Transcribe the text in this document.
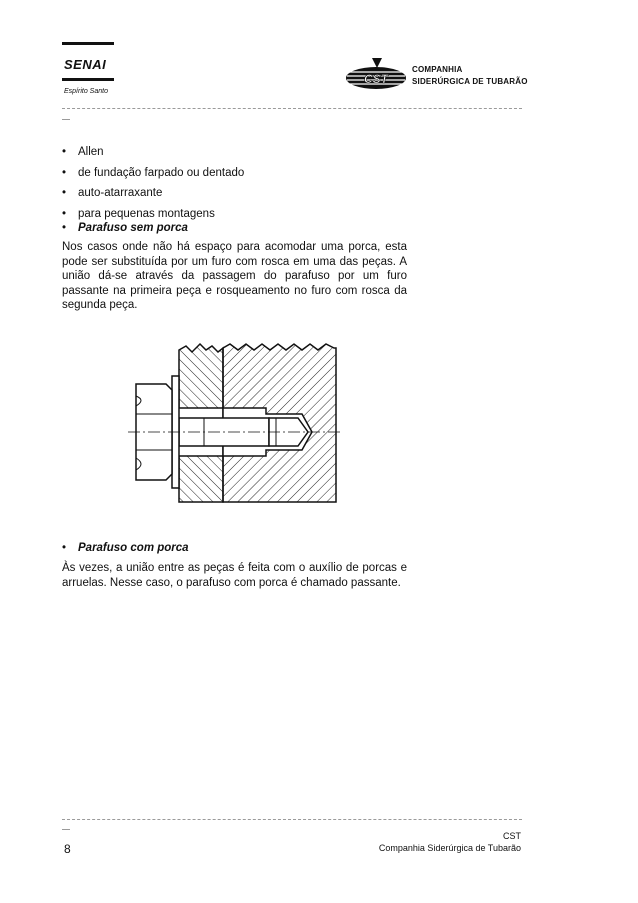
SENAI
Espírito Santo
CST
COMPANHIA
SIDERÚRGICA DE TUBARÃO
• Allen
• de fundação farpado ou dentado
• auto-atarraxante
• para pequenas montagens
• Parafuso sem porca
Nos casos onde não há espaço para acomodar uma porca, esta pode ser substituída por um furo com rosca em uma das peças. A união dá-se através da passagem do parafuso por um furo passante na primeira peça e rosqueamento no furo com rosca da segunda peça.
• Parafuso com porca
Às vezes, a união entre as peças é feita com o auxílio de porcas e arruelas. Nesse caso, o parafuso com porca é chamado passante.
8
CST
Companhia Siderúrgica de Tubarão
